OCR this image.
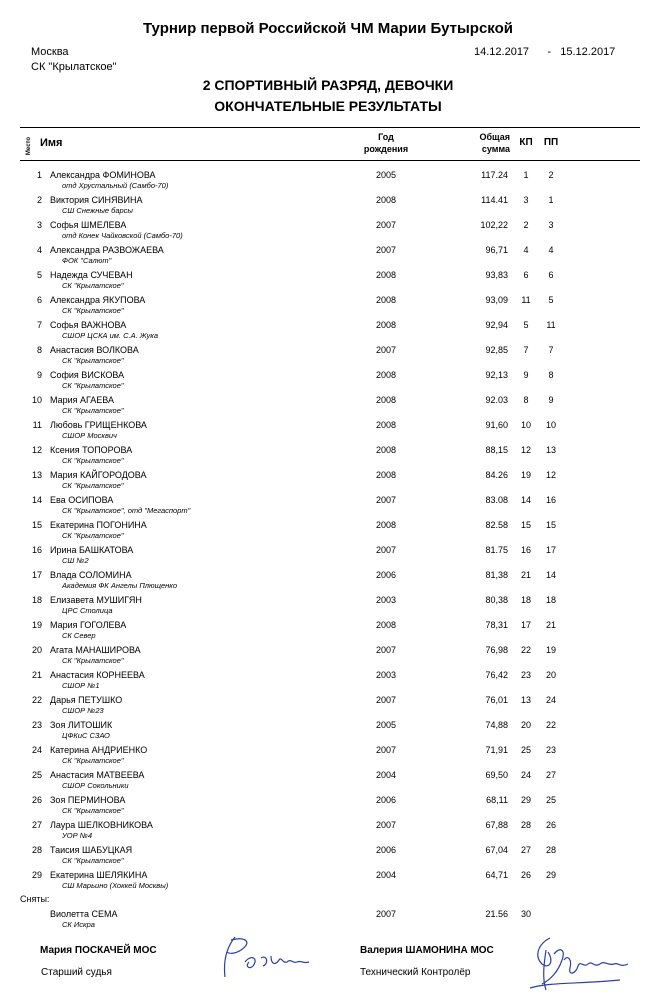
Турнир первой Российской ЧМ Марии Бутырской
Москва
СК "Крылатское"
14.12.2017 - 15.12.2017
2 СПОРТИВНЫЙ РАЗРЯД, ДЕВОЧКИ
ОКОНЧАТЕЛЬНЫЕ РЕЗУЛЬТАТЫ
Место Имя	Год
рождения
Общая
сумма
КП	ПП
1 Александра ФОМИНОВА
отд Хрустальный (Самбо-70)
2005	117.24	1	2
2 Виктория СИНЯВИНА
СШ Снежные барсы
2008	114.41	3	1
3 Софья ШМЕЛЕВА
отд Конек Чайковской (Самбо-70)
2007	102,22	2	3
4 Александра РАЗВОЖАЕВА
ФОК "Салют"
2007	96,71	4	4
5 Надежда СУЧЕВАН
СК "Крылатское"
2008	93,83	6	6
6 Александра ЯКУПОВА
СК "Крылатское"
2008	93,09	11	5
7 Софья ВАЖНОВА
СШОР ЦСКА им. С.А. Жука
2008	92,94	5	11
8 Анастасия ВОЛКОВА
СК "Крылатское"
2007	92,85	7	7
9 София ВИСКОВА
СК "Крылатское"
2008	92,13	9	8
10 Мария АГАЕВА
СК "Крылатское"
2008	92.03	8	9
11 Любовь ГРИЩЕНКОВА
СШОР Москвич
2008	91,60	10	10
12 Ксения ТОПОРОВА
СК "Крылатское"
2008	88,15	12	13
13 Мария КАЙГОРОДОВА
СК "Крылатское"
2008	84.26	19	12
14 Ева ОСИПОВА
СК "Крылатское", отд "Мегаспорт"
2007	83.08	14	16
15 Екатерина ПОГОНИНА
СК "Крылатское"
2008	82.58	15	15
16 Ирина БАШКАТОВА
СШ №2
2007	81.75	16	17
17 Влада СОЛОМИНА
Академия ФК Ангелы Плющенко
2006	81,38	21	14
18 Елизавета МУШИГЯН
ЦРС Столица
2003	80,38	18	18
19 Мария ГОГОЛЕВА
СК Север
2008	78,31	17	21
20 Агата МАНАШИРОВА
СК "Крылатское"
2007	76,98	22	19
21 Анастасия КОРНЕЕВА
СШОР №1
2003	76,42	23	20
22 Дарья ПЕТУШКО
СШОР №23
2007	76,01	13	24
23 Зоя ЛИТОШИК
ЦФКиС СЗАО
2005	74,88	20	22
24 Катерина АНДРИЕНКО
СК "Крылатское"
2007	71,91	25	23
25 Анастасия МАТВЕЕВА
СШОР Сокольники
2004	69,50	24	27
26 Зоя ПЕРМИНОВА
СК "Крылатское"
2006	68,11	29	25
27 Лаура ШЕЛКОВНИКОВА
УОР №4
2007	67,88	28	26
28 Таисия ШАБУЦКАЯ
СК "Крылатское"
2006	67,04	27	28
29 Екатерина ШЕЛЯКИНА
СШ Марьино (Хоккей Москвы)
2004	64,71	26	29
Сняты:
Виолетта СЕМА
СК Искра
2007	21.56	30
Мария ПОСКАЧЕЙ МОС
Старший судья
Валерия ШАМОНИНА МОС
Технический Контролёр
